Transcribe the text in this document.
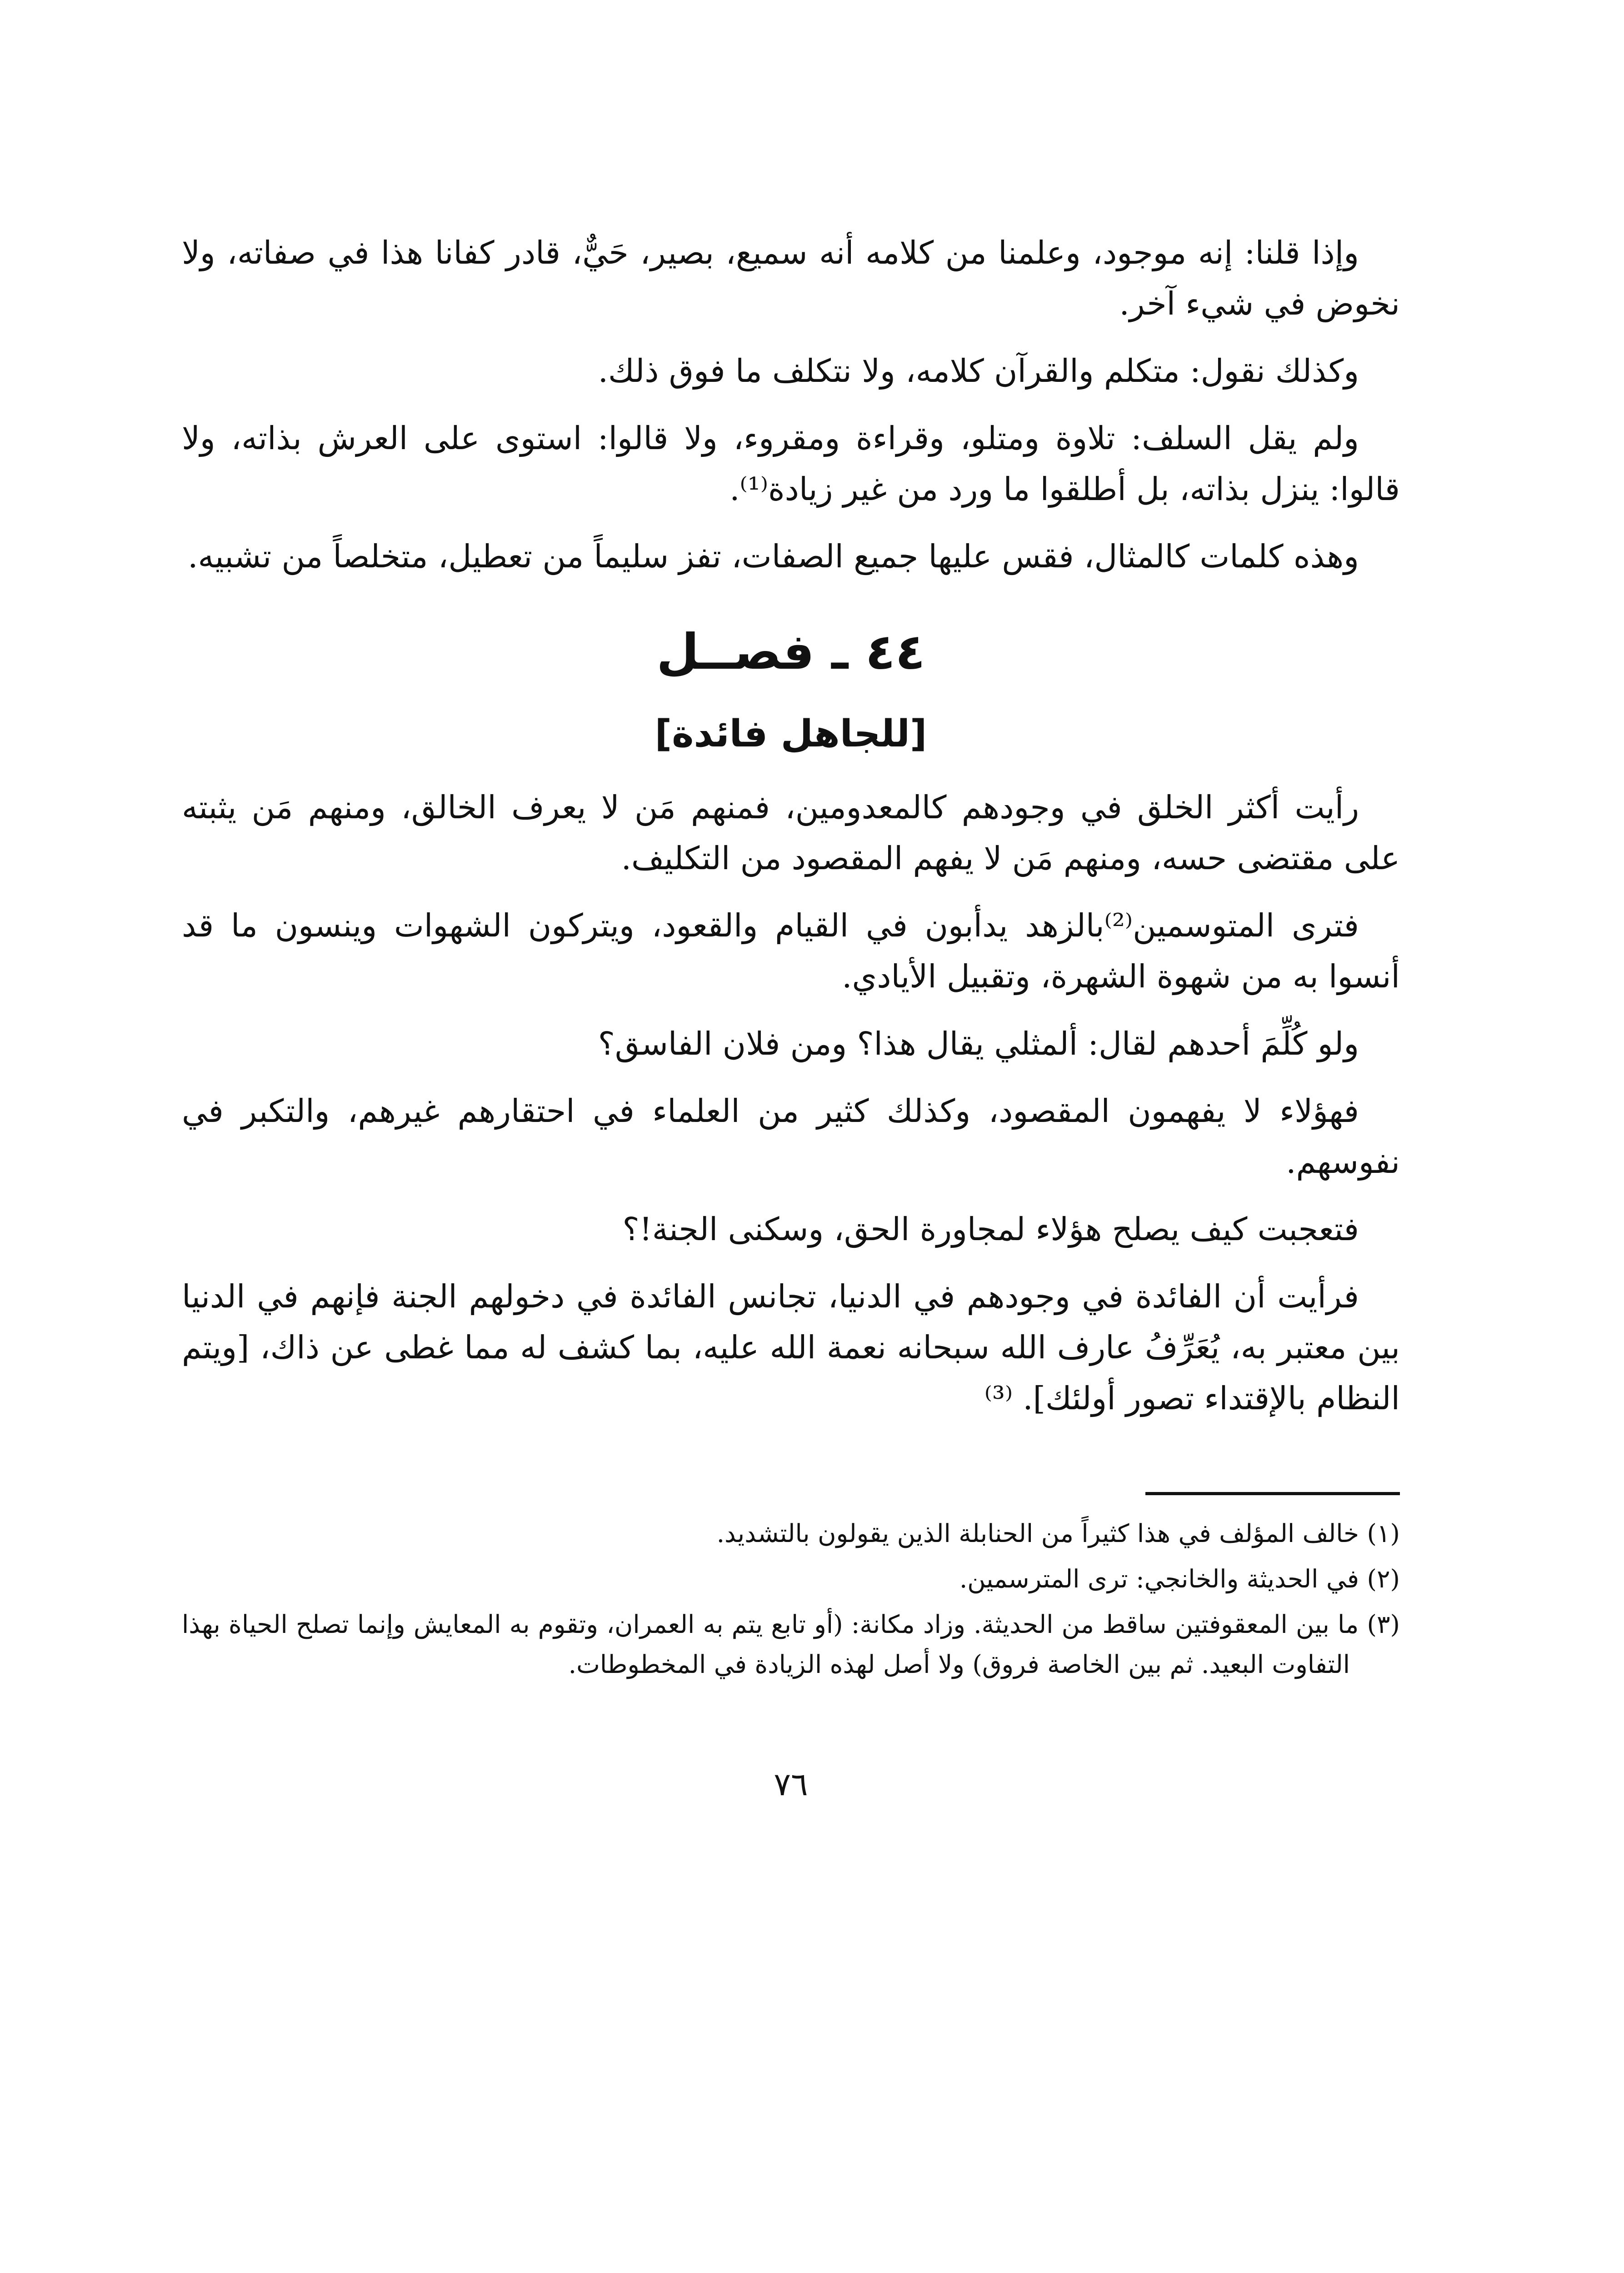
وإذا قلنا: إنه موجود، وعلمنا من كلامه أنه سميع، بصير، حَيٌّ، قادر كفانا هذا في صفاته، ولا نخوض في شيء آخر.

وكذلك نقول: متكلم والقرآن كلامه، ولا نتكلف ما فوق ذلك.

ولم يقل السلف: تلاوة ومتلو، وقراءة ومقروء، ولا قالوا: استوى على العرش بذاته، ولا قالوا: ينزل بذاته، بل أطلقوا ما ورد من غير زيادة⁽¹⁾.

وهذه كلمات كالمثال، فقس عليها جميع الصفات، تفز سليماً من تعطيل، متخلصاً من تشبيه.

٤٤ ـ فصــل
[للجاهل فائدة]

رأيت أكثر الخلق في وجودهم كالمعدومين، فمنهم مَن لا يعرف الخالق، ومنهم مَن يثبته على مقتضى حسه، ومنهم مَن لا يفهم المقصود من التكليف.

فترى المتوسمين⁽²⁾بالزهد يدأبون في القيام والقعود، ويتركون الشهوات وينسون ما قد أنسوا به من شهوة الشهرة، وتقبيل الأيادي.

ولو كُلِّمَ أحدهم لقال: ألمثلي يقال هذا؟ ومن فلان الفاسق؟

فهؤلاء لا يفهمون المقصود، وكذلك كثير من العلماء في احتقارهم غيرهم، والتكبر في نفوسهم.

فتعجبت كيف يصلح هؤلاء لمجاورة الحق، وسكنى الجنة!؟

فرأيت أن الفائدة في وجودهم في الدنيا، تجانس الفائدة في دخولهم الجنة فإنهم في الدنيا بين معتبر به، يُعَرِّفُ عارف الله سبحانه نعمة الله عليه، بما كشف له مما غطى عن ذاك، [ويتم النظام بالإقتداء تصور أولئك]. ⁽³⁾

(١) خالف المؤلف في هذا كثيراً من الحنابلة الذين يقولون بالتشديد.

(٢) في الحديثة والخانجي: ترى المترسمين.

(٣) ما بين المعقوفتين ساقط من الحديثة. وزاد مكانة: (أو تابع يتم به العمران، وتقوم به المعايش وإنما تصلح الحياة بهذا التفاوت البعيد. ثم بين الخاصة فروق) ولا أصل لهذه الزيادة في المخطوطات.

٧٦
